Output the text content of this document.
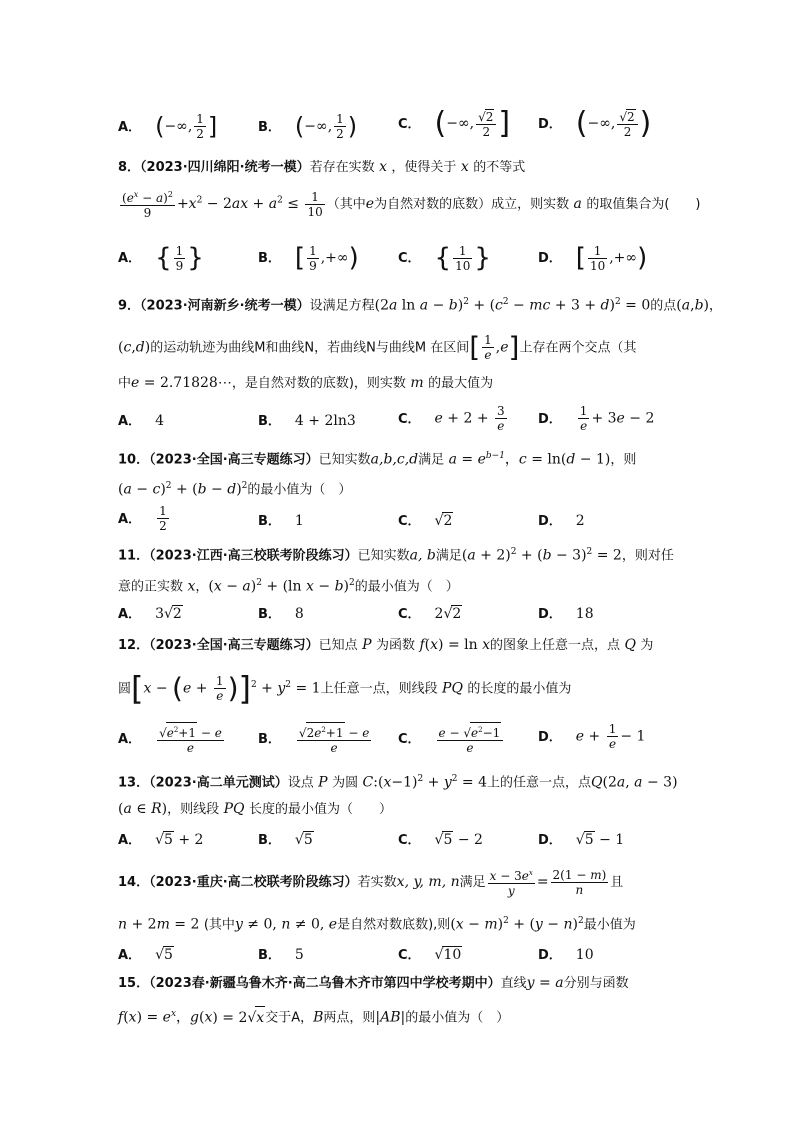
A． (−∞, $\frac{1}{2}$ ]	B． (−∞, $\frac{1}{2}$ )	C． (−∞, $\frac{√2}{2}$ ] D． (−∞, $\frac{√2}{2}$ )
8．（2023·四川绵阳·统考一模）若存在实数 x ，使得关于 x 的不等式
$\frac{(e^x - a)^2}{9} +x^2 - 2ax + a^2 \le \frac{1}{10}$ （其中e为自然对数的底数）成立，则实数 a 的取值集合为(　　)
A． { $\frac{1}{9}$ }	B． [ $\frac{1}{9}$ ,+∞)	C． { $\frac{1}{10}$ }	D． [ $\frac{1}{10}$ ,+∞)
9．（2023·河南新乡·统考一模）设满足方程(2a $\ln a - b)^2 + (c^2$ − mc + 3 + d)$^2$ = 0的点(a,b)，
(c,d)的运动轨迹为曲线M和曲线N，若曲线N与曲线M 在区间[ $\frac{1}{e} ,e$]上存在两个交点（其
中e = 2.71828⋯，是自然对数的底数)，则实数 m 的最大值为
A． 4	B． 4 + 2ln3	C． $e + 2 + \frac{3}{e}$ D． $\frac{1}{e} + 3e - 2$
10．（2023·全国·高三专题练习）已知实数a,b,c,d满足 $a = e^{b-1}$，c = ln(d − 1)，则
$(a - c)^2 + (b - d)^2$的最小值为（　）
A． $\frac{1}{2}$	B． 1	C． √2	D． 2
11．（2023·江西·高三校联考阶段练习）已知实数a, b满足$(a + 2)^2 + (b - 3)^2 = 2$，则对任
意的正实数 x，$(x - a)^2 + (\ln$ x − b)$^2$的最小值为（　）
A． 3√2	B． 8	C． 2√2	D． 18
12．（2023·全国·高三专题练习）已知点 P 为函数 f(x) = ln x的图象上任意一点，点 Q 为
圆$[x - (e + \frac{1}{e} )]^2 + y^2 = 1$上任意一点，则线段 PQ 的长度的最小值为
A． $\frac{√e^2+1 - e}{e}$	B． $\frac{√2e^2+1 - e}{e}$ C． $\frac{e - √e^2-1}{e}$	D． $e + \frac{1}{e} - 1$
13．（2023·高二单元测试）设点 P 为圆 $C:(x-1)^2 + y^2 = 4$上的任意一点，点Q(2a, a − 3)
(a ∈ R)，则线段 PQ 长度的最小值为（　　）
A． √5 + 2	B． √5	C． √5 − 2	D． √5 − 1
14．（2023·重庆·高二校联考阶段练习）若实数x, y, m, n满足 $\frac{x - 3e^x}{y} = \frac{2(1 - m)}{n}$ 且
n + 2m = 2 (其中y ≠ 0, n ≠ 0, e是自然对数底数),则$(x - m)^2 + (y - n)^2$最小值为
A． √5	B． 5	C． √10	D． 10
15．（2023春·新疆乌鲁木齐·高二乌鲁木齐市第四中学校考期中）直线y = a分别与函数
$f(x) = e^x$，g(x) = 2√x交于A，B两点，则|AB|的最小值为（　）
